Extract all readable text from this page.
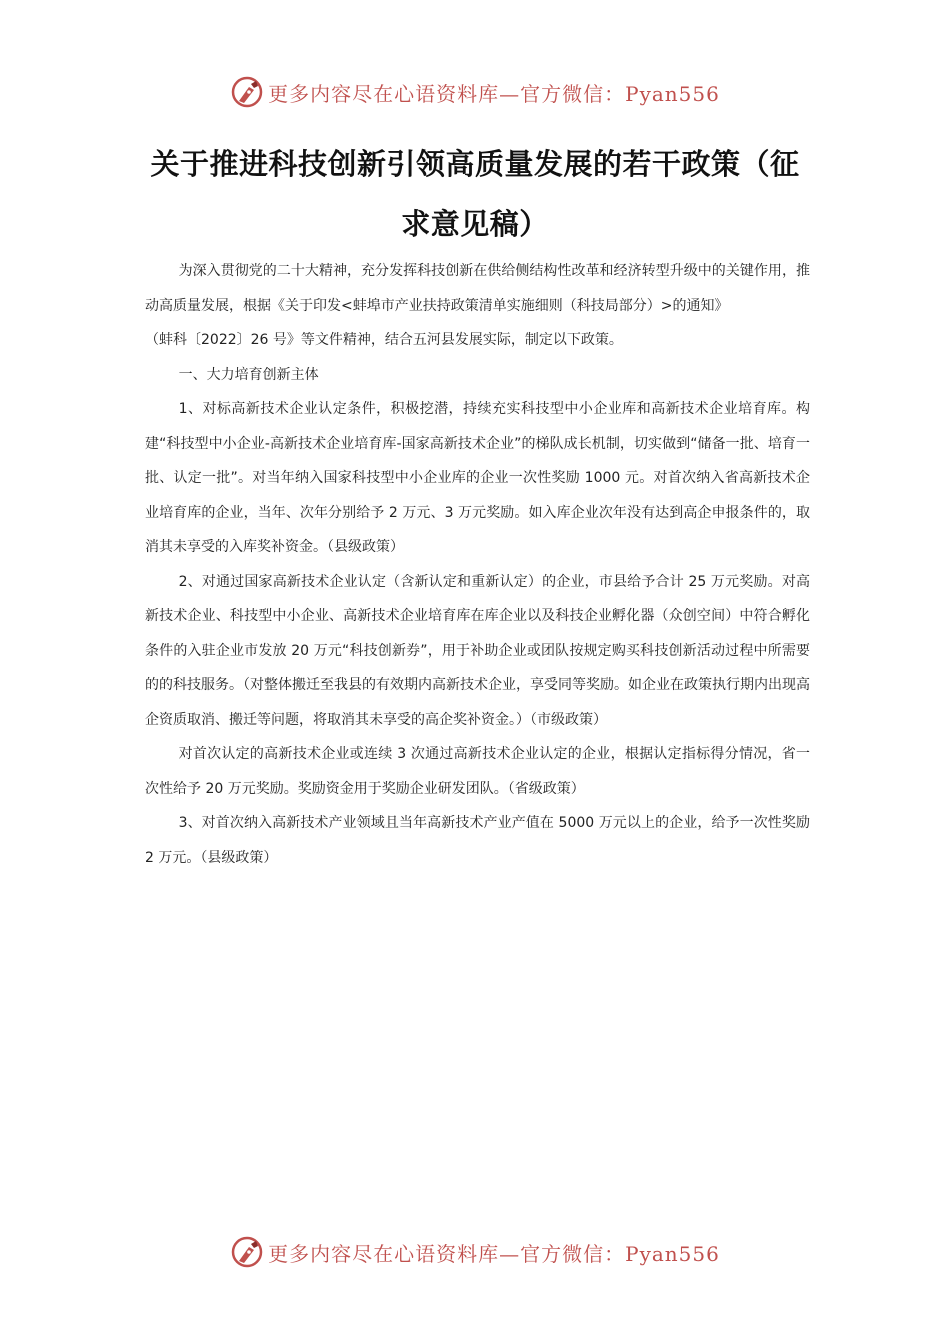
更多内容尽在心语资料库—官方微信：Pyan556
关于推进科技创新引领高质量发展的若干政策（征求意见稿）

为深入贯彻党的二十大精神，充分发挥科技创新在供给侧结构性改革和经济转型升级中的关键作用，推动高质量发展，根据《关于印发<蚌埠市产业扶持政策清单实施细则（科技局部分）>的通知》

（蚌科〔2022〕26 号》等文件精神，结合五河县发展实际，制定以下政策。

一、大力培育创新主体

1、对标高新技术企业认定条件，积极挖潜，持续充实科技型中小企业库和高新技术企业培育库。构建“科技型中小企业-高新技术企业培育库-国家高新技术企业”的梯队成长机制，切实做到“储备一批、培育一批、认定一批”。对当年纳入国家科技型中小企业库的企业一次性奖励 1000 元。对首次纳入省高新技术企业培育库的企业，当年、次年分别给予 2 万元、3 万元奖励。如入库企业次年没有达到高企申报条件的，取消其未享受的入库奖补资金。（县级政策）

2、对通过国家高新技术企业认定（含新认定和重新认定）的企业，市县给予合计 25 万元奖励。对高新技术企业、科技型中小企业、高新技术企业培育库在库企业以及科技企业孵化器（众创空间）中符合孵化条件的入驻企业市发放 20 万元“科技创新券”，用于补助企业或团队按规定购买科技创新活动过程中所需要的的科技服务。（对整体搬迁至我县的有效期内高新技术企业，享受同等奖励。如企业在政策执行期内出现高企资质取消、搬迁等问题，将取消其未享受的高企奖补资金。）（市级政策）

对首次认定的高新技术企业或连续 3 次通过高新技术企业认定的企业，根据认定指标得分情况，省一次性给予 20 万元奖励。奖励资金用于奖励企业研发团队。（省级政策）

3、对首次纳入高新技术产业领域且当年高新技术产业产值在 5000 万元以上的企业，给予一次性奖励 2 万元。（县级政策）

更多内容尽在心语资料库—官方微信：Pyan556
